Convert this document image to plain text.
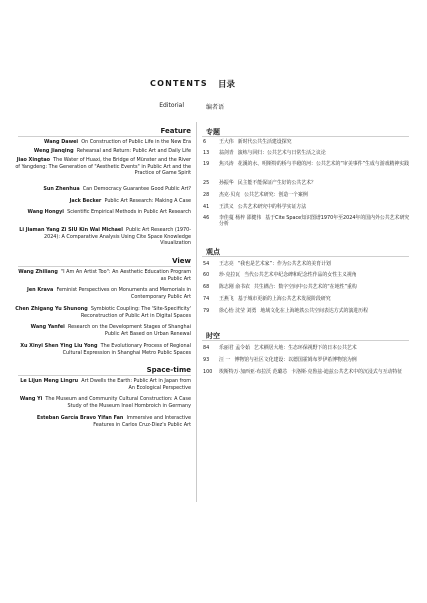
CONTENTS 目录
Editorial	编者语
Feature
Wang Dawei On Construction of Public Life in the New Era
Weng Jianqing Rehearsal and Return: Public Art and Daily Life
Jiao Xingtao The Water of Huaxi, the Bridge of Münster and the River of Yangdeng: The Generation of "Aesthetic Events" in Public Art and the Practice of Game Spirit
Sun Zhenhua Can Democracy Guarantee Good Public Art?
Jack Becker Public Art Research: Making A Case
Wang Hongyi Scientific Empirical Methods in Public Art Research
Li Jiaman Yang Zi SIU Kin Wai Michael Public Art Research (1970-2024): A Comparative Analysis Using Cite Space Knowledge Visualization
View
Wang Zhiliang "I Am An Artist Too": An Aesthetic Education Program as Public Art
Jen Krava Feminist Perspectives on Monuments and Memorials in Contemporary Public Art
Chen Zhigang Yu Shunong Symbiotic Coupling: The 'Site-Specificity' Reconstruction of Public Art in Digital Spaces
Wang Yanfei Research on the Development Stages of Shanghai Public Art Based on Urban Renewal
Xu Xinyi Shen Ying Liu Yong The Evolutionary Process of Regional Cultural Expression in Shanghai Metro Public Spaces
Space-time
Le Lijun Meng Lingru Art Dwells the Earth: Public Art in Japan from An Ecological Perspective
Wang Yi The Museum and Community Cultural Construction: A Case Study of the Museum Insel Hombroich in Germany
Esteban García Bravo Yifan Fan Immersive and Interactive Features in Carlos Cruz-Diez's Public Art
专题
6	王大伟 新时代公共生活建设探究
13	翁剑青 演练与回归：公共艺术与日常生活之议论
19	焦兴涛 花溪的水、明斯特的桥与羊磴的河：公共艺术的“审美事件”生成与游戏精神实践
25	孙振华 民主能不能保证产生好的公共艺术？
28	杰克·贝克 公共艺术研究：创造一个案例
41	王洪义 公共艺术研究中的科学实证方法
46	李佳蔓 杨梓 邵健伟 基于Cite Space知识图谱1970年至2024年的国内外公共艺术研究分析
观点
54	王志亮 “我也是艺术家”：作为公共艺术的美育计划
60	珍·克拉瓦 当代公共艺术中纪念碑和纪念性作品的女性主义视角
68	陈志刚 俞书农 共生耦合：数字空间中公共艺术的“在地性”重构
74	王燕飞 基于城市更新的上海公共艺术发展阶段研究
79	徐心怡 沈莹 刘勇 地域文化在上海地铁公共空间表达方式的演进历程
时空
84	乐丽君 孟令茹 艺术栖居大地：生态环保视野下的日本公共艺术
93	汪 一 博物馆与社区文化建设：以德国霍姆布罗伊希博物馆为例
100	埃斯特万·加西亚·布拉沃 范璐芯 卡洛斯·克鲁兹-迪兹公共艺术中的沉浸式与互动特征
